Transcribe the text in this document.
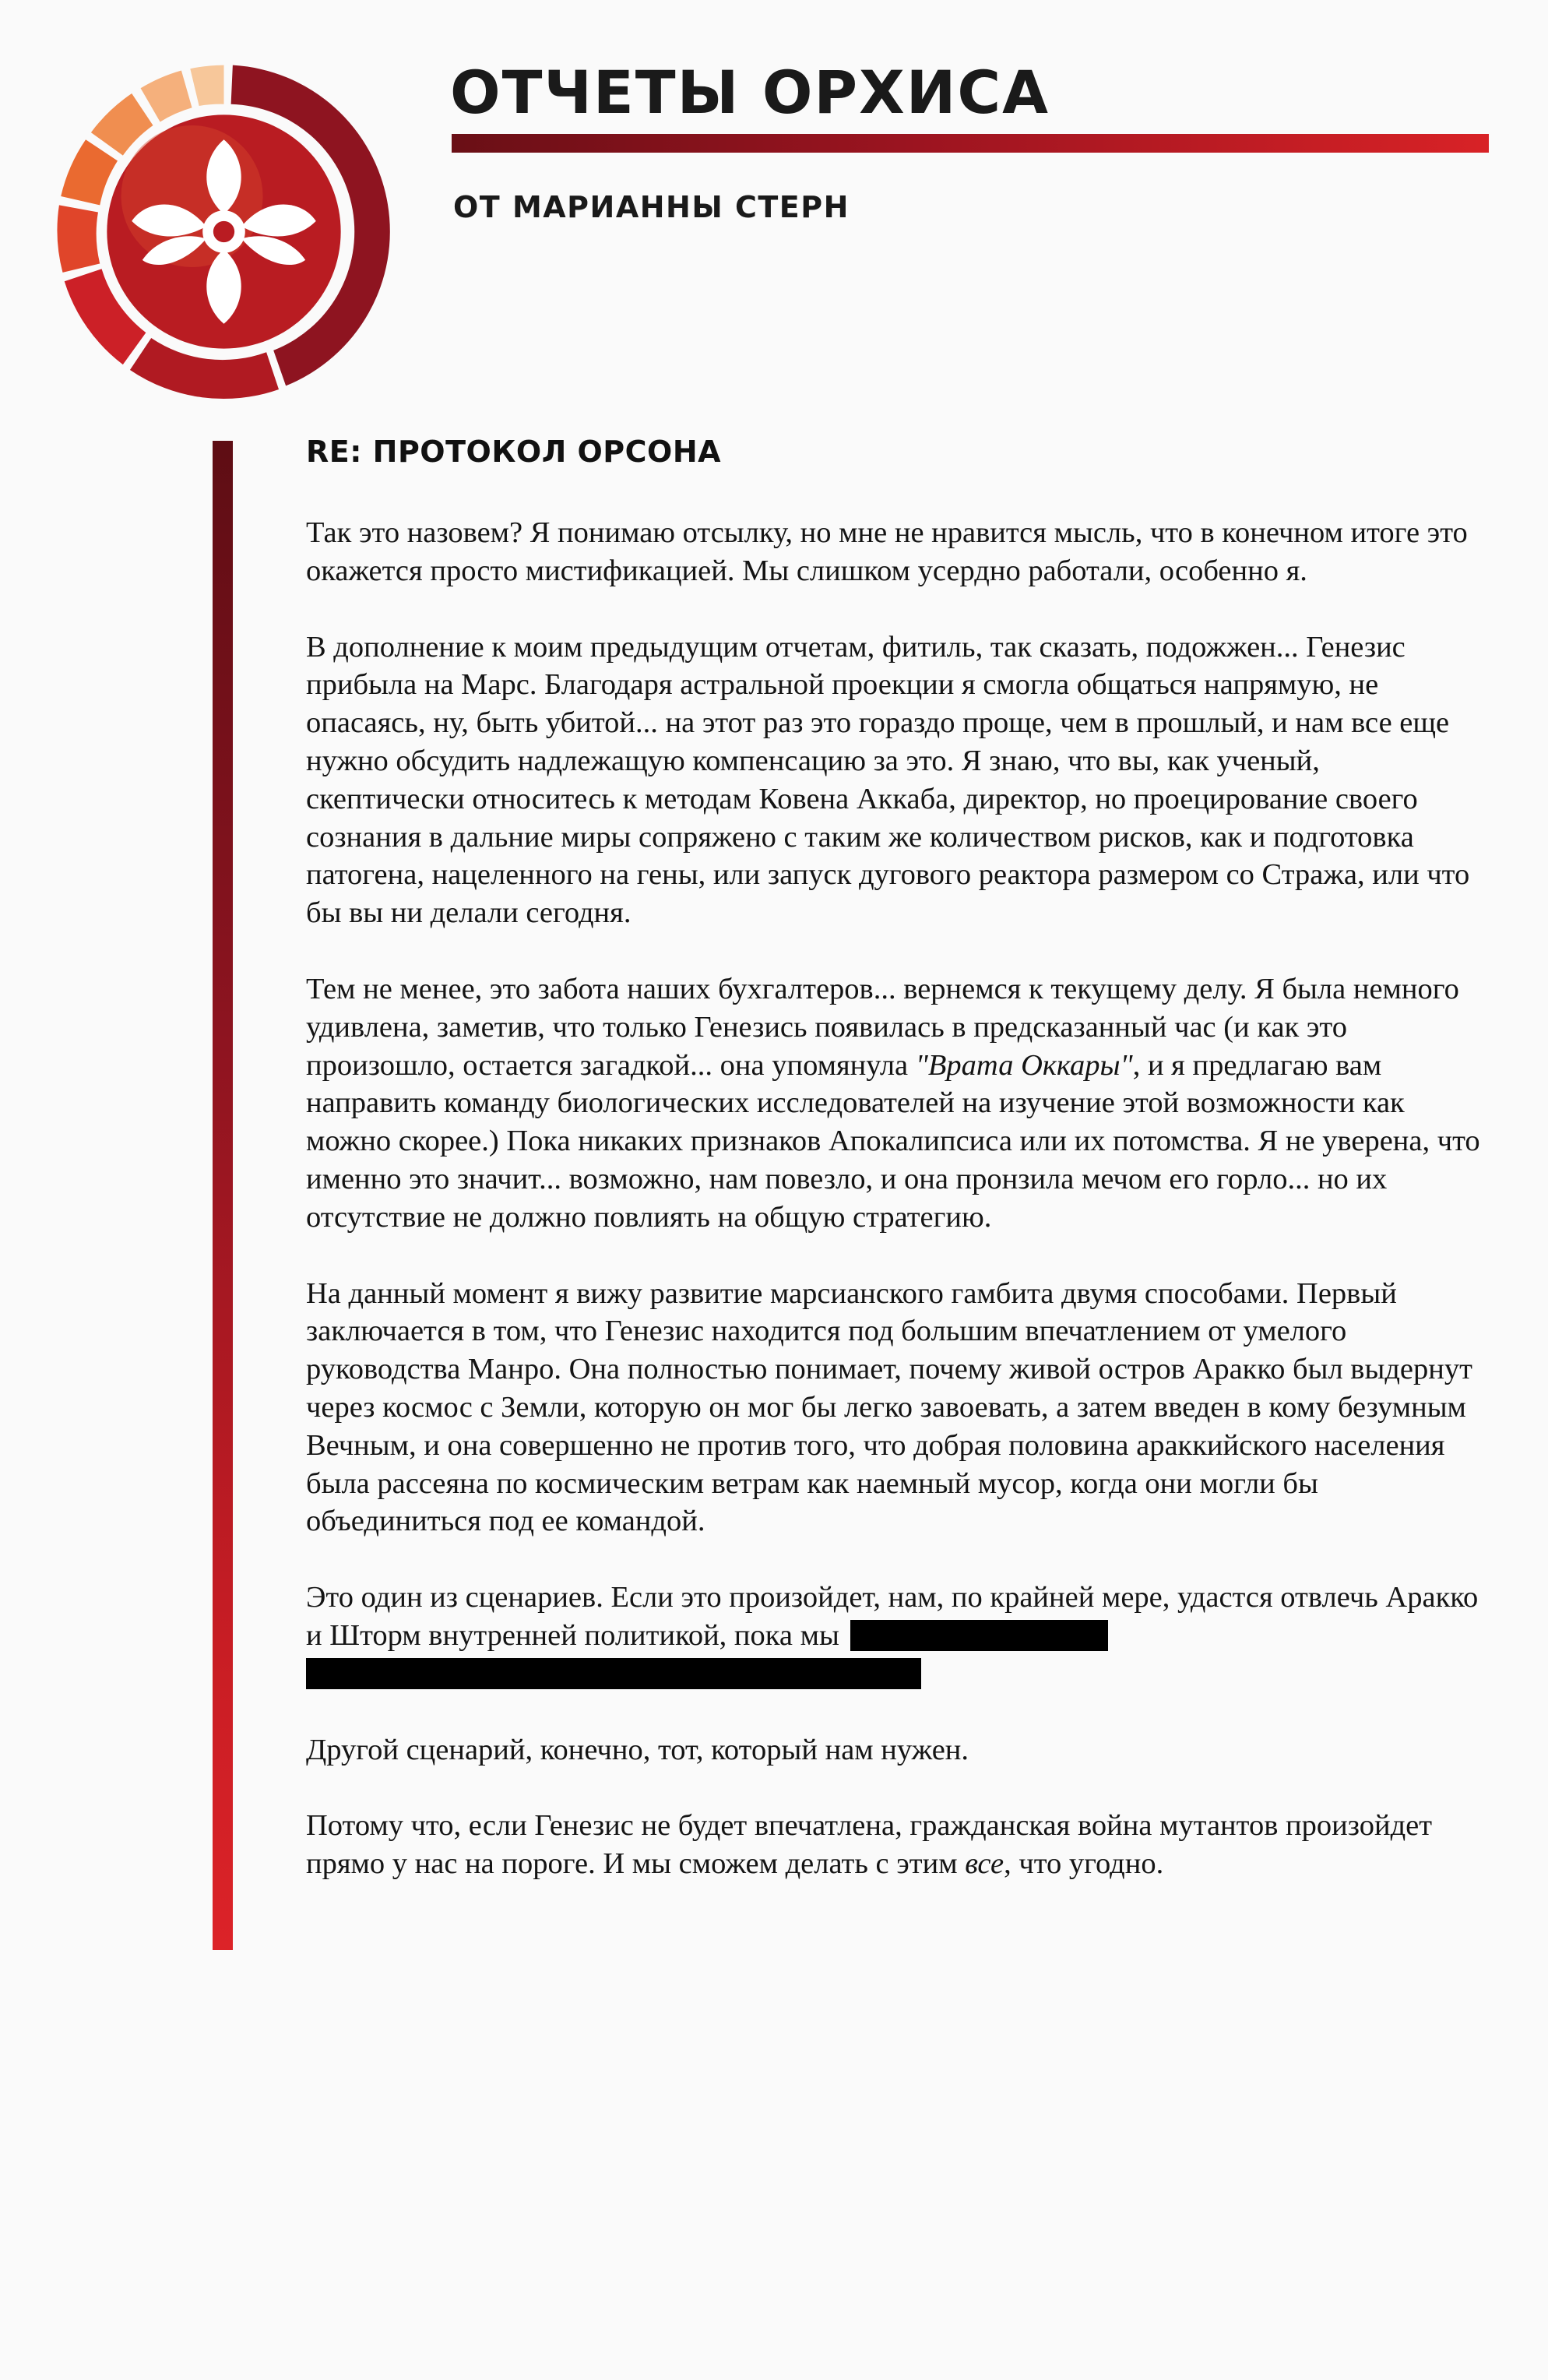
ОТЧЕТЫ ОРХИСА
ОТ МАРИАННЫ СТЕРН
RE: ПРОТОКОЛ ОРСОНА

Так это назовем? Я понимаю отсылку, но мне не нравится мысль, что в конечном итоге это окажется просто мистификацией. Мы слишком усердно работали, особенно я.

В дополнение к моим предыдущим отчетам, фитиль, так сказать, подожжен... Генезис прибыла на Марс. Благодаря астральной проекции я смогла общаться напрямую, не опасаясь, ну, быть убитой... на этот раз это гораздо проще, чем в прошлый, и нам все еще нужно обсудить надлежащую компенсацию за это. Я знаю, что вы, как ученый, скептически относитесь к методам Ковена Аккаба, директор, но проецирование своего сознания в дальние миры сопряжено с таким же количеством рисков, как и подготовка патогена, нацеленного на гены, или запуск дугового реактора размером со Стража, или что бы вы ни делали сегодня.

Тем не менее, это забота наших бухгалтеров... вернемся к текущему делу. Я была немного удивлена, заметив, что только Генезись появилась в предсказанный час (и как это произошло, остается загадкой... она упомянула "Врата Оккары", и я предлагаю вам направить команду биологических исследователей на изучение этой возможности как можно скорее.) Пока никаких признаков Апокалипсиса или их потомства. Я не уверена, что именно это значит... возможно, нам повезло, и она пронзила мечом его горло... но их отсутствие не должно повлиять на общую стратегию.

На данный момент я вижу развитие марсианского гамбита двумя способами. Первый заключается в том, что Генезис находится под большим впечатлением от умелого руководства Манро. Она полностью понимает, почему живой остров Аракко был выдернут через космос с Земли, которую он мог бы легко завоевать, а затем введен в кому безумным Вечным, и она совершенно не против того, что добрая половина араккийского населения была рассеяна по космическим ветрам как наемный мусор, когда они могли бы объединиться под ее командой.

Это один из сценариев. Если это произойдет, нам, по крайней мере, удастся отвлечь Аракко и Шторм внутренней политикой, пока мы

Другой сценарий, конечно, тот, который нам нужен.

Потому что, если Генезис не будет впечатлена, гражданская война мутантов произойдет прямо у нас на пороге. И мы сможем делать с этим все, что угодно.
